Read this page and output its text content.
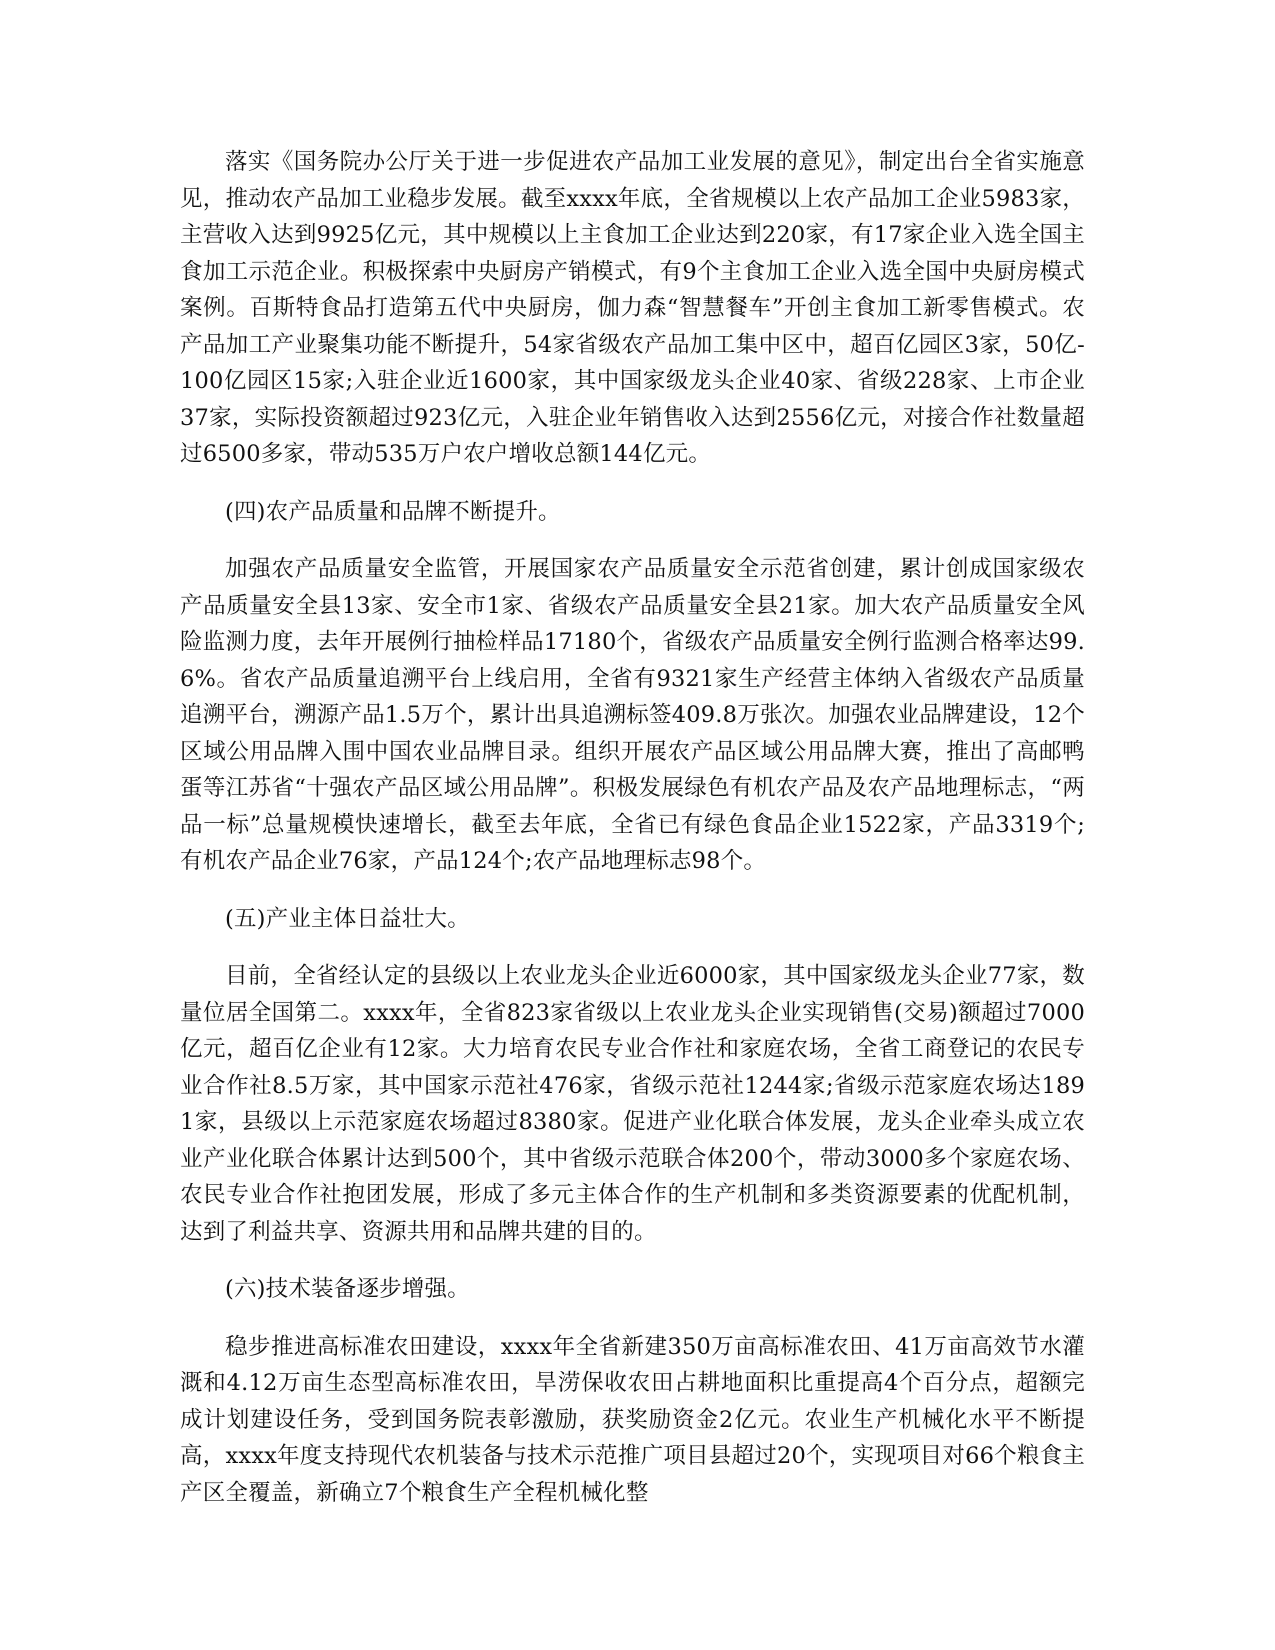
落实《国务院办公厅关于进一步促进农产品加工业发展的意见》，制定出台全省实施意见，推动农产品加工业稳步发展。截至xxxx年底，全省规模以上农产品加工企业5983家，主营收入达到9925亿元，其中规模以上主食加工企业达到220家，有17家企业入选全国主食加工示范企业。积极探索中央厨房产销模式，有9个主食加工企业入选全国中央厨房模式案例。百斯特食品打造第五代中央厨房，伽力森“智慧餐车”开创主食加工新零售模式。农产品加工产业聚集功能不断提升，54家省级农产品加工集中区中，超百亿园区3家，50亿-100亿园区15家;入驻企业近1600家，其中国家级龙头企业40家、省级228家、上市企业37家，实际投资额超过923亿元，入驻企业年销售收入达到2556亿元，对接合作社数量超过6500多家，带动535万户农户增收总额144亿元。

(四)农产品质量和品牌不断提升。

加强农产品质量安全监管，开展国家农产品质量安全示范省创建，累计创成国家级农产品质量安全县13家、安全市1家、省级农产品质量安全县21家。加大农产品质量安全风险监测力度，去年开展例行抽检样品17180个，省级农产品质量安全例行监测合格率达99.6%。省农产品质量追溯平台上线启用，全省有9321家生产经营主体纳入省级农产品质量追溯平台，溯源产品1.5万个，累计出具追溯标签409.8万张次。加强农业品牌建设，12个区域公用品牌入围中国农业品牌目录。组织开展农产品区域公用品牌大赛，推出了高邮鸭蛋等江苏省“十强农产品区域公用品牌”。积极发展绿色有机农产品及农产品地理标志，“两品一标”总量规模快速增长，截至去年底，全省已有绿色食品企业1522家，产品3319个;有机农产品企业76家，产品124个;农产品地理标志98个。

(五)产业主体日益壮大。

目前，全省经认定的县级以上农业龙头企业近6000家，其中国家级龙头企业77家，数量位居全国第二。xxxx年，全省823家省级以上农业龙头企业实现销售(交易)额超过7000亿元，超百亿企业有12家。大力培育农民专业合作社和家庭农场，全省工商登记的农民专业合作社8.5万家，其中国家示范社476家，省级示范社1244家;省级示范家庭农场达1891家，县级以上示范家庭农场超过8380家。促进产业化联合体发展，龙头企业牵头成立农业产业化联合体累计达到500个，其中省级示范联合体200个，带动3000多个家庭农场、农民专业合作社抱团发展，形成了多元主体合作的生产机制和多类资源要素的优配机制，达到了利益共享、资源共用和品牌共建的目的。

(六)技术装备逐步增强。

稳步推进高标准农田建设，xxxx年全省新建350万亩高标准农田、41万亩高效节水灌溉和4.12万亩生态型高标准农田，旱涝保收农田占耕地面积比重提高4个百分点，超额完成计划建设任务，受到国务院表彰激励，获奖励资金2亿元。农业生产机械化水平不断提高，xxxx年度支持现代农机装备与技术示范推广项目县超过20个，实现项目对66个粮食主产区全覆盖，新确立7个粮食生产全程机械化整
